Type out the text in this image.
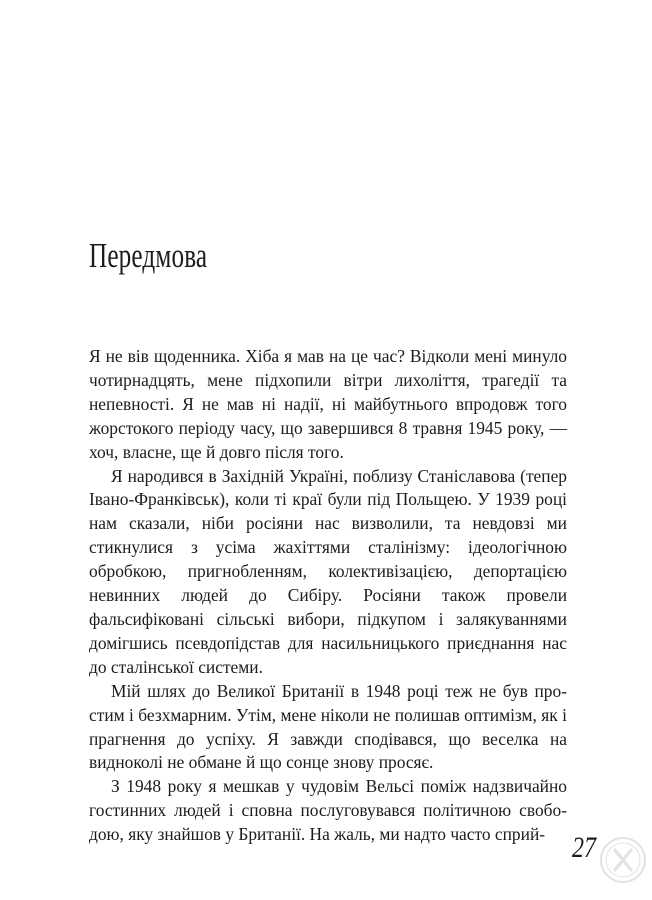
Передмова

Я не вів щоденника. Хіба я мав на це час? Відколи мені минуло чотирнадцять, мене підхопили вітри лихоліття, трагедії та непевності. Я не мав ні надії, ні майбутнього впродовж того жорстокого періоду часу, що завершився 8 травня 1945 року, — хоч, власне, ще й довго після того.

Я народився в Західній Україні, поблизу Станіславова (тепер Івано-Франківськ), коли ті краї були під Польщею. У 1939 році нам сказали, ніби росіяни нас визволили, та невдовзі ми стикнулися з усіма жахіттями сталінізму: ідеологічною обробкою, пригнобленням, колективізацією, депортацією невинних людей до Сибіру. Росіяни також провели фальсифіковані сільські вибори, підкупом і залякуваннями домігшись псевдопідстав для насильницького приєднання нас до сталінської системи.

Мій шлях до Великої Британії в 1948 році теж не був простим і безхмарним. Утім, мене ніколи не полишав оптимізм, як і прагнення до успіху. Я завжди сподівався, що веселка на видноколі не обмане й що сонце знову просяє.

З 1948 року я мешкав у чудовім Вельсі поміж надзвичайно гостинних людей і сповна послуговувався політичною свободою, яку знайшов у Британії. На жаль, ми надто часто сприй- 27
